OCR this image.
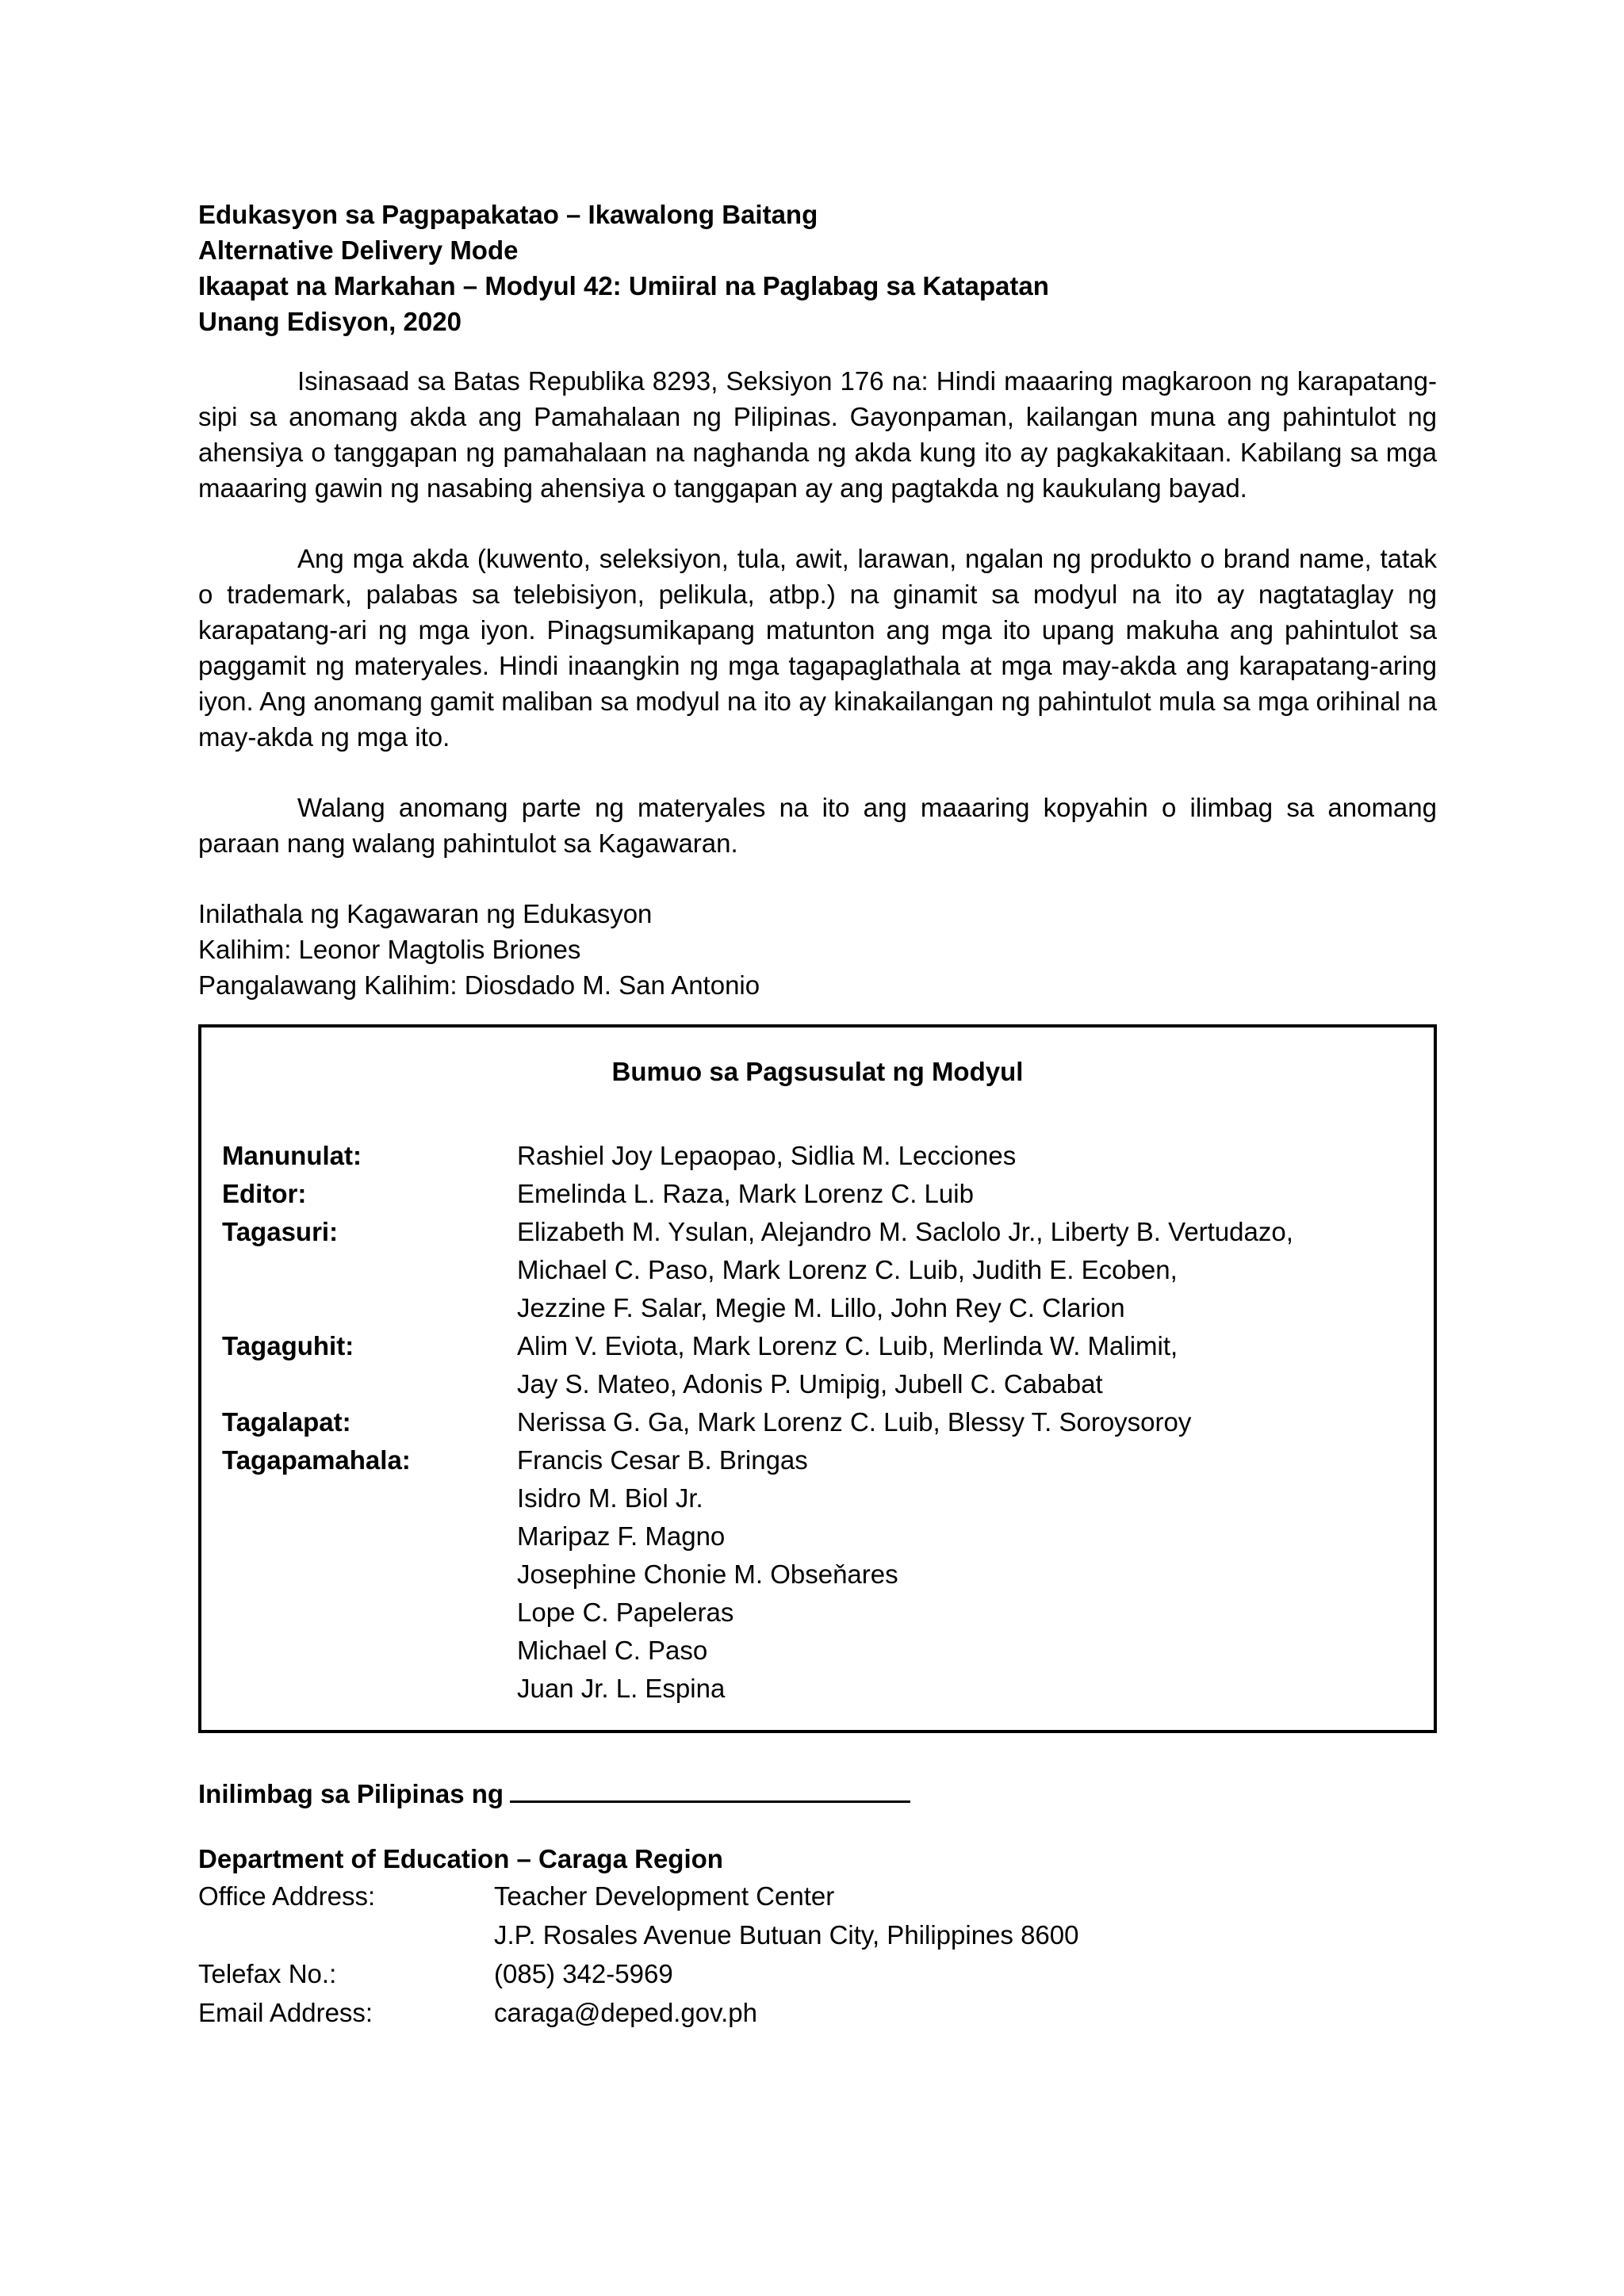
Edukasyon sa Pagpapakatao – Ikawalong Baitang

Alternative Delivery Mode

Ikaapat na Markahan – Modyul 42: Umiiral na Paglabag sa Katapatan

Unang Edisyon, 2020

Isinasaad sa Batas Republika 8293, Seksiyon 176 na: Hindi maaaring magkaroon ng karapatang-sipi sa anomang akda ang Pamahalaan ng Pilipinas. Gayonpaman, kailangan muna ang pahintulot ng ahensiya o tanggapan ng pamahalaan na naghanda ng akda kung ito ay pagkakakitaan. Kabilang sa mga maaaring gawin ng nasabing ahensiya o tanggapan ay ang pagtakda ng kaukulang bayad.

Ang mga akda (kuwento, seleksiyon, tula, awit, larawan, ngalan ng produkto o brand name, tatak o trademark, palabas sa telebisiyon, pelikula, atbp.) na ginamit sa modyul na ito ay nagtataglay ng karapatang-ari ng mga iyon. Pinagsumikapang matunton ang mga ito upang makuha ang pahintulot sa paggamit ng materyales. Hindi inaangkin ng mga tagapaglathala at mga may-akda ang karapatang-aring iyon. Ang anomang gamit maliban sa modyul na ito ay kinakailangan ng pahintulot mula sa mga orihinal na may-akda ng mga ito.

Walang anomang parte ng materyales na ito ang maaaring kopyahin o ilimbag sa anomang paraan nang walang pahintulot sa Kagawaran.

Inilathala ng Kagawaran ng Edukasyon

Kalihim: Leonor Magtolis Briones

Pangalawang Kalihim: Diosdado M. San Antonio

Bumuo sa Pagsusulat ng Modyul

Manunulat:	Rashiel Joy Lepaopao, Sidlia M. Lecciones
Editor:	Emelinda L. Raza, Mark Lorenz C. Luib
Tagasuri:	Elizabeth M. Ysulan, Alejandro M. Saclolo Jr., Liberty B. Vertudazo,
Michael C. Paso, Mark Lorenz C. Luib, Judith E. Ecoben,
Jezzine F. Salar, Megie M. Lillo, John Rey C. Clarion
Tagaguhit:	Alim V. Eviota, Mark Lorenz C. Luib, Merlinda W. Malimit,
Jay S. Mateo, Adonis P. Umipig, Jubell C. Cababat
Tagalapat:	Nerissa G. Ga, Mark Lorenz C. Luib, Blessy T. Soroysoroy
Tagapamahala:	Francis Cesar B. Bringas
Isidro M. Biol Jr.
Maripaz F. Magno
Josephine Chonie M. Obseňares
Lope C. Papeleras
Michael C. Paso
Juan Jr. L. Espina
Inilimbag sa Pilipinas ng

Department of Education – Caraga Region

Office Address:	Teacher Development Center
J.P. Rosales Avenue Butuan City, Philippines 8600
Telefax No.:	(085) 342-5969
Email Address:	caraga@deped.gov.ph
